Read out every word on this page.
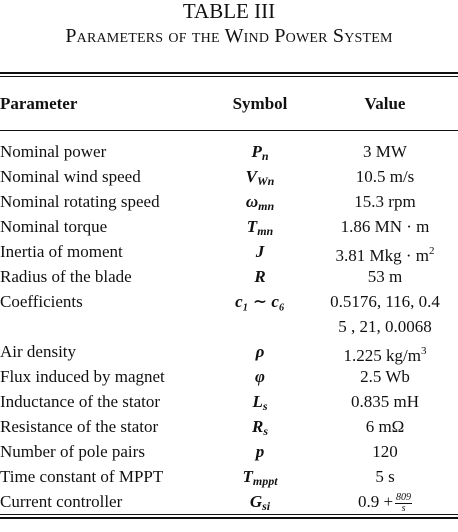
TABLE III
Parameters of the Wind Power System
Parameter	Symbol	Value
Nominal power	$P_n$	3 MW
Nominal wind speed	$V_{Wn}$	10.5 m/s
Nominal rotating speed	$\omega_{mn}$	15.3 rpm
Nominal torque	$T_{mn}$	1.86 MN · m
Inertia of moment	J	3.81 Mkg · $m^2$
Radius of the blade	R	53 m
Coefficients	c₁ ∼ c₆	0.5176, 116, 0.4
5 , 21, 0.0068
Air density	ρ	1.225 $kg/m^3$
Flux induced by magnet	φ	2.5 Wb
Inductance of the stator	$L_s$	0.835 mH
Resistance of the stator	$R_s$	6 mΩ
Number of pole pairs	p	120
Time constant of MPPT	$T_{mppt}$	5 s
Current controller	$G_{si}$	$0.9 + \frac{809}{s}$
